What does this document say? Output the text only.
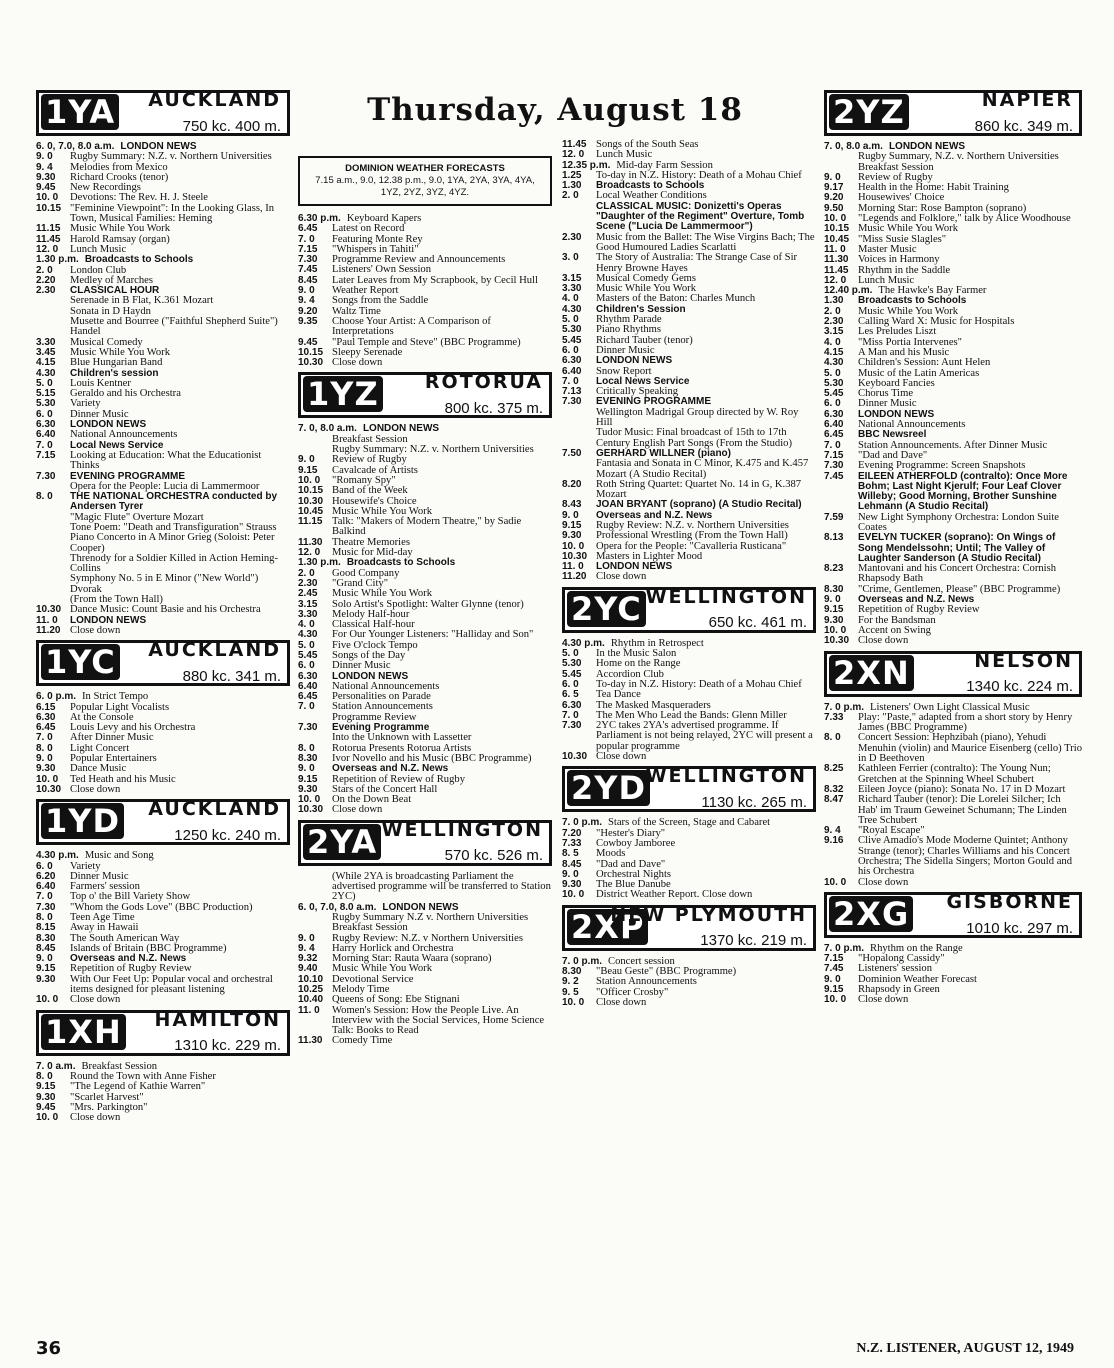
Thursday, August 18
1YA AUCKLAND
750 kc. 400 m.
6. 0, 7.0, 8.0 a.m. LONDON NEWS
9. 0	Rugby Summary: N.Z. v. Northern Universities
9. 4	Melodies from Mexico
9.30	Richard Crooks (tenor)
9.45	New Recordings
10. 0	Devotions: The Rev. H. J. Steele
10.15 "Feminine Viewpoint": In the Looking Glass, In Town, Musical Families: Heming
11.15 Music While You Work
11.45 Harold Ramsay (organ)
12. 0	Lunch Music
1.30 p.m. Broadcasts to Schools
2. 0	London Club
2.20	Medley of Marches
2.30	CLASSICAL HOUR
Serenade in B Flat, K.361 Mozart
Sonata in D Haydn
Musette and Bourree ("Faithful Shepherd Suite") Handel
3.30	Musical Comedy
3.45	Music While You Work
4.15	Blue Hungarian Band
4.30	Children's session
5. 0	Louis Kentner
5.15	Geraldo and his Orchestra
5.30	Variety
6. 0	Dinner Music
6.30	LONDON NEWS
6.40	National Announcements
7. 0	Local News Service
7.15	Looking at Education: What the Educationist Thinks
7.30	EVENING PROGRAMME
Opera for the People: Lucia di Lammermoor
8. 0	THE NATIONAL ORCHESTRA conducted by Andersen Tyrer
"Magic Flute" Overture Mozart
Tone Poem: "Death and Transfiguration" Strauss
Piano Concerto in A Minor Grieg (Soloist: Peter Cooper)
Threnody for a Soldier Killed in Action Heming-Collins
Symphony No. 5 in E Minor ("New World") Dvorak
(From the Town Hall)
10.30 Dance Music: Count Basie and his Orchestra
11. 0	LONDON NEWS
11.20 Close down
1YC AUCKLAND
880 kc. 341 m.
6. 0 p.m. In Strict Tempo
6.15	Popular Light Vocalists
6.30	At the Console
6.45	Louis Levy and his Orchestra
7. 0	After Dinner Music
8. 0	Light Concert
9. 0	Popular Entertainers
9.30	Dance Music
10. 0	Ted Heath and his Music
10.30 Close down
1YD AUCKLAND
1250 kc. 240 m.
4.30 p.m. Music and Song
6. 0	Variety
6.20	Dinner Music
6.40	Farmers' session
7. 0	Top o' the Bill Variety Show
7.30	"Whom the Gods Love" (BBC Production)
8. 0	Teen Age Time
8.15	Away in Hawaii
8.30	The South American Way
8.45	Islands of Britain (BBC Programme)
9. 0	Overseas and N.Z. News
9.15	Repetition of Rugby Review
9.30	With Our Feet Up: Popular vocal and orchestral items designed for pleasant listening
10. 0	Close down
1XH HAMILTON
1310 kc. 229 m.
7. 0 a.m. Breakfast Session
8. 0	Round the Town with Anne Fisher
9.15	"The Legend of Kathie Warren"
9.30	"Scarlet Harvest"
9.45	"Mrs. Parkington"
10. 0	Close down
DOMINION WEATHER FORECASTS
7.15 a.m., 9.0, 12.38 p.m., 9.0, 1YA, 2YA, 3YA, 4YA, 1YZ, 2YZ, 3YZ, 4YZ.
6.30 p.m. Keyboard Kapers
6.45	Latest on Record
7. 0	Featuring Monte Rey
7.15	"Whispers in Tahiti"
7.30	Programme Review and Announcements
7.45	Listeners' Own Session
8.45	Later Leaves from My Scrapbook, by Cecil Hull
9. 0	Weather Report
9. 4	Songs from the Saddle
9.20	Waltz Time
9.35	Choose Your Artist: A Comparison of Interpretations
9.45	"Paul Temple and Steve" (BBC Programme)
10.15 Sleepy Serenade
10.30 Close down
1YZ ROTORUA
800 kc. 375 m.
7. 0, 8.0 a.m. LONDON NEWS
Breakfast Session
Rugby Summary: N.Z. v. Northern Universities
9. 0	Review of Rugby
9.15	Cavalcade of Artists
10. 0	"Romany Spy"
10.15 Band of the Week
10.30 Housewife's Choice
10.45 Music While You Work
11.15 Talk: "Makers of Modern Theatre," by Sadie Balkind
11.30 Theatre Memories
12. 0	Music for Mid-day
1.30 p.m. Broadcasts to Schools
2. 0	Good Company
2.30	"Grand City"
2.45	Music While You Work
3.15	Solo Artist's Spotlight: Walter Glynne (tenor)
3.30	Melody Half-hour
4. 0	Classical Half-hour
4.30	For Our Younger Listeners: "Halliday and Son"
5. 0	Five O'clock Tempo
5.45	Songs of the Day
6. 0	Dinner Music
6.30	LONDON NEWS
6.40	National Announcements
6.45	Personalities on Parade
7. 0	Station Announcements
Programme Review
7.30	Evening Programme
Into the Unknown with Lassetter
8. 0	Rotorua Presents Rotorua Artists
8.30	Ivor Novello and his Music (BBC Programme)
9. 0	Overseas and N.Z. News
9.15	Repetition of Review of Rugby
9.30	Stars of the Concert Hall
10. 0	On the Down Beat
10.30 Close down
2YA WELLINGTON
570 kc. 526 m.
(While 2YA is broadcasting Parliament the advertised programme will be transferred to Station 2YC)
6. 0, 7.0, 8.0 a.m. LONDON NEWS
Rugby Summary N.Z v. Northern Universities
Breakfast Session
9. 0	Rugby Review: N.Z. v Northern Universities
9. 4	Harry Horlick and Orchestra
9.32	Morning Star: Rauta Waara (soprano)
9.40	Music While You Work
10.10 Devotional Service
10.25 Melody Time
10.40 Queens of Song: Ebe Stignani
11. 0	Women's Session: How the People Live. An Interview with the Social Services, Home Science Talk: Books to Read
11.30 Comedy Time
11.45 Songs of the South Seas
12. 0	Lunch Music
12.35 p.m. Mid-day Farm Session
1.25	To-day in N.Z. History: Death of a Mohau Chief
1.30	Broadcasts to Schools
2. 0	Local Weather Conditions
CLASSICAL MUSIC: Donizetti's Operas "Daughter of the Regiment" Overture, Tomb Scene ("Lucia De Lammermoor")
2.30	Music from the Ballet: The Wise Virgins Bach; The Good Humoured Ladies Scarlatti
3. 0	The Story of Australia: The Strange Case of Sir Henry Browne Hayes
3.15	Musical Comedy Gems
3.30	Music While You Work
4. 0	Masters of the Baton: Charles Munch
4.30	Children's Session
5. 0	Rhythm Parade
5.30	Piano Rhythms
5.45	Richard Tauber (tenor)
6. 0	Dinner Music
6.30	LONDON NEWS
6.40	Snow Report
7. 0	Local News Service
7.13	Critically Speaking
7.30	EVENING PROGRAMME
Wellington Madrigal Group directed by W. Roy Hill
Tudor Music: Final broadcast of 15th to 17th Century English Part Songs (From the Studio)
7.50	GERHARD WILLNER (piano)
Fantasia and Sonata in C Minor, K.475 and K.457 Mozart (A Studio Recital)
8.20	Roth String Quartet: Quartet No. 14 in G, K.387 Mozart
8.43	JOAN BRYANT (soprano) (A Studio Recital)
9. 0	Overseas and N.Z. News
9.15	Rugby Review: N.Z. v. Northern Universities
9.30	Professional Wrestling (From the Town Hall)
10. 0	Opera for the People: "Cavalleria Rusticana"
10.30 Masters in Lighter Mood
11. 0	LONDON NEWS
11.20 Close down
2YC WELLINGTON
650 kc. 461 m.
4.30 p.m. Rhythm in Retrospect
5. 0	In the Music Salon
5.30	Home on the Range
5.45	Accordion Club
6. 0	To-day in N.Z. History: Death of a Mohau Chief
6. 5	Tea Dance
6.30	The Masked Masqueraders
7. 0	The Men Who Lead the Bands: Glenn Miller
7.30	2YC takes 2YA's advertised programme. If Parliament is not being relayed, 2YC will present a popular programme
10.30 Close down
2YD WELLINGTON
1130 kc. 265 m.
7. 0 p.m. Stars of the Screen, Stage and Cabaret
7.20	"Hester's Diary"
7.33	Cowboy Jamboree
8. 5	Moods
8.45	"Dad and Dave"
9. 0	Orchestral Nights
9.30	The Blue Danube
10. 0	District Weather Report. Close down
2XP
NEW PLYMOUTH
1370 kc. 219 m.
7. 0 p.m. Concert session
8.30	"Beau Geste" (BBC Programme)
9. 2	Station Announcements
9. 5	"Officer Crosby"
10. 0	Close down
2YZ	NAPIER
860 kc. 349 m.
7. 0, 8.0 a.m. LONDON NEWS
Rugby Summary, N.Z. v. Northern Universities
Breakfast Session
9. 0	Review of Rugby
9.17	Health in the Home: Habit Training
9.20	Housewives' Choice
9.50	Morning Star: Rose Bampton (soprano)
10. 0	"Legends and Folklore," talk by Alice Woodhouse
10.15 Music While You Work
10.45 "Miss Susie Slagles"
11. 0	Master Music
11.30 Voices in Harmony
11.45 Rhythm in the Saddle
12. 0	Lunch Music
12.40 p.m. The Hawke's Bay Farmer
1.30	Broadcasts to Schools
2. 0	Music While You Work
2.30	Calling Ward X: Music for Hospitals
3.15	Les Preludes Liszt
4. 0	"Miss Portia Intervenes"
4.15	A Man and his Music
4.30	Children's Session: Aunt Helen
5. 0	Music of the Latin Americas
5.30	Keyboard Fancies
5.45	Chorus Time
6. 0	Dinner Music
6.30	LONDON NEWS
6.40	National Announcements
6.45	BBC Newsreel
7. 0	Station Announcements. After Dinner Music
7.15	"Dad and Dave"
7.30	Evening Programme: Screen Snapshots
7.45	EILEEN ATHERFOLD (contralto): Once More Bohm; Last Night Kjerulf; Four Leaf Clover Willeby; Good Morning, Brother Sunshine Lehmann (A Studio Recital)
7.59	New Light Symphony Orchestra: London Suite Coates
8.13	EVELYN TUCKER (soprano): On Wings of Song Mendelssohn; Until; The Valley of Laughter Sanderson (A Studio Recital)
8.23	Mantovani and his Concert Orchestra: Cornish Rhapsody Bath
8.30	"Crime, Gentlemen, Please" (BBC Programme)
9. 0	Overseas and N.Z. News
9.15	Repetition of Rugby Review
9.30	For the Bandsman
10. 0	Accent on Swing
10.30 Close down
2XN	NELSON
1340 kc. 224 m.
7. 0 p.m. Listeners' Own Light Classical Music
7.33	Play: "Paste," adapted from a short story by Henry James (BBC Programme)
8. 0	Concert Session: Hephzibah (piano), Yehudi Menuhin (violin) and Maurice Eisenberg (cello) Trio in D Beethoven
8.25	Kathleen Ferrier (contralto): The Young Nun; Gretchen at the Spinning Wheel Schubert
8.32	Eileen Joyce (piano): Sonata No. 17 in D Mozart
8.47	Richard Tauber (tenor): Die Lorelei Silcher; Ich Hab' im Traum Geweinet Schumann; The Linden Tree Schubert
9. 4	"Royal Escape"
9.16	Clive Amadio's Mode Moderne Quintet; Anthony Strange (tenor); Charles Williams and his Concert Orchestra; The Sidella Singers; Morton Gould and his Orchestra
10. 0	Close down
2XG GISBORNE
1010 kc. 297 m.
7. 0 p.m. Rhythm on the Range
7.15	"Hopalong Cassidy"
7.45	Listeners' session
9. 0	Dominion Weather Forecast
9.15	Rhapsody in Green
10. 0	Close down
36	N.Z. LISTENER, AUGUST 12, 1949
